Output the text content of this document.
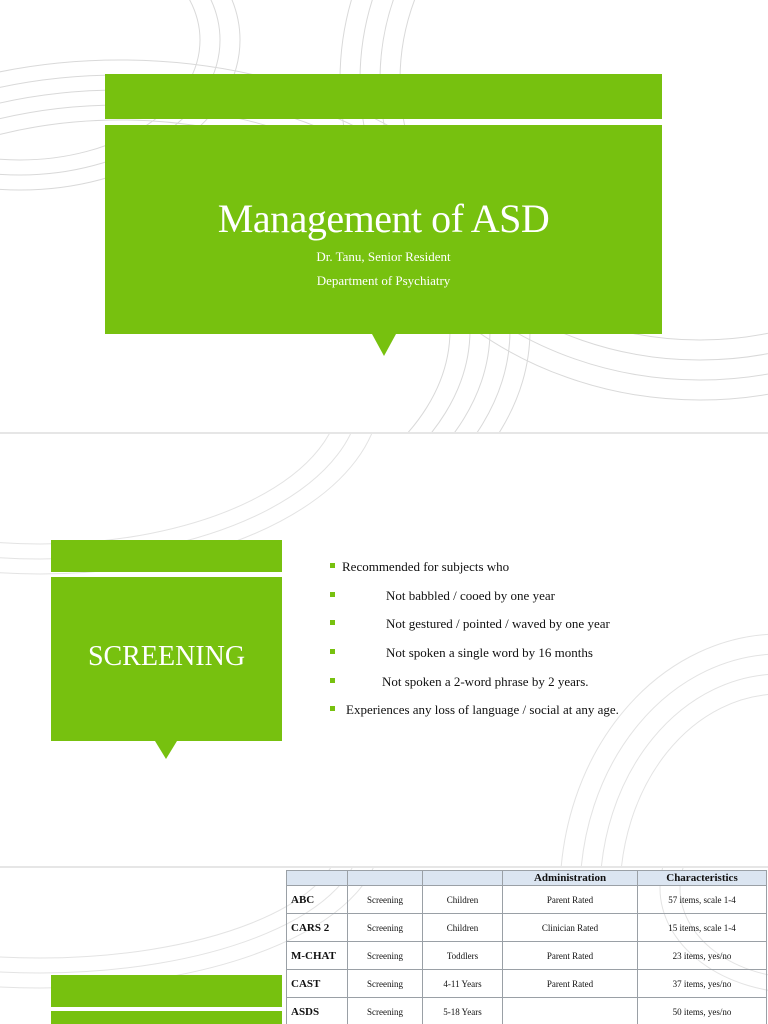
Management of ASD
Dr. Tanu, Senior Resident
Department of Psychiatry
SCREENING
Recommended for subjects who
Not babbled / cooed by one year
Not gestured / pointed / waved by one year
Not spoken a single word by 16 months
Not spoken a 2-word phrase by 2 years.
Experiences any loss of language / social at any age.
			Administration	Characteristics
ABC	Screening	Children	Parent Rated	57 items, scale 1-4
CARS 2	Screening	Children	Clinician Rated	15 items, scale 1-4
M-CHAT	Screening	Toddlers	Parent Rated	23 items, yes/no
CAST	Screening	4-11 Years	Parent Rated	37 items, yes/no
ASDS	Screening	5-18 Years		50 items, yes/no
